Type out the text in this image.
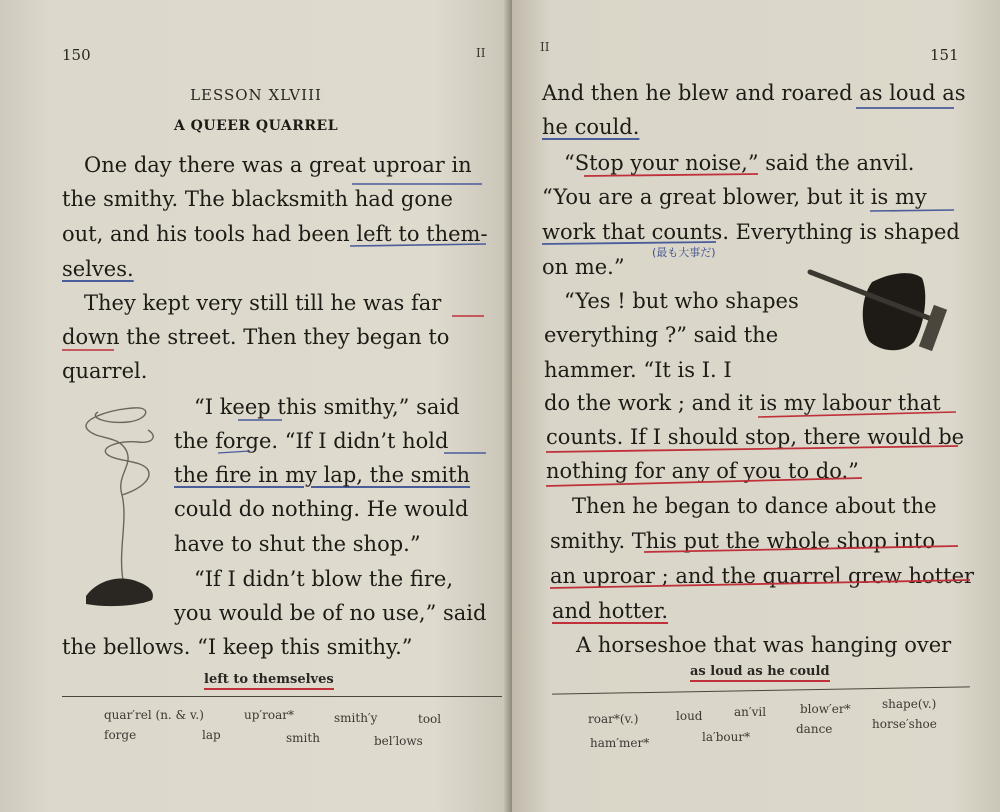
150	II
LESSON XLVIII
A QUEER QUARREL
One day there was a great uproar in
the smithy. The blacksmith had gone
out, and his tools had been left to them-
selves.
They kept very still till he was far
down the street. Then they began to
quarrel.
“I keep this smithy,” said
the forge. “If I didn’t hold
the fire in my lap, the smith
could do nothing. He would
have to shut the shop.”
“If I didn’t blow the fire,
you would be of no use,” said
the bellows. “I keep this smithy.”
left to themselves
quar′rel (n. & v.)	up′roar*	smith′y	tool
forge	lap	smith	bel′lows
II	151
And then he blew and roared as loud as
he could.
“Stop your noise,” said the anvil.
“You are a great blower, but it is my
work that counts. Everything is shaped
(最も大事だ)
on me.”
“Yes ! but who shapes
everything ?” said the
hammer. “It is I. I
do the work ; and it is my labour that
counts. If I should stop, there would be
nothing for any of you to do.”
Then he began to dance about the
smithy. This put the whole shop into
an uproar ; and the quarrel grew hotter
and hotter.
A horseshoe that was hanging over
as loud as he could
roar*(v.)	loud	an′vil	blow′er*	shape(v.)
ham′mer*	la′bour*
dance	horse′shoe
